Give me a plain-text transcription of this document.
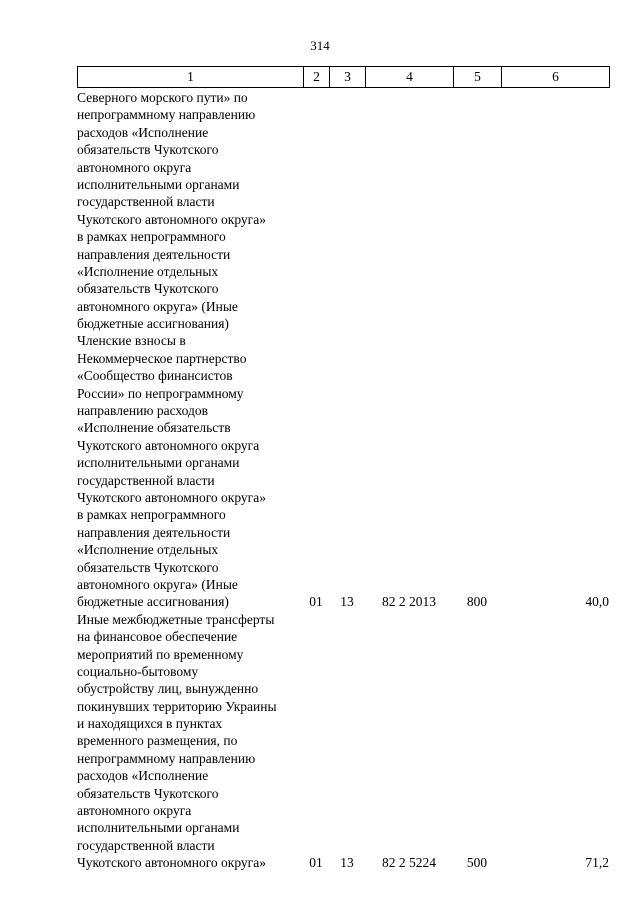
314
1	2	3	4	5	6
Северного морского пути» по
непрограммному направлению
расходов «Исполнение
обязательств Чукотского
автономного округа
исполнительными органами
государственной власти
Чукотского автономного округа»
в рамках непрограммного
направления деятельности
«Исполнение отдельных
обязательств Чукотского
автономного округа» (Иные
бюджетные ассигнования)
Членские взносы в
Некоммерческое партнерство
«Сообщество финансистов
России» по непрограммному
направлению расходов
«Исполнение обязательств
Чукотского автономного округа
исполнительными органами
государственной власти
Чукотского автономного округа»
в рамках непрограммного
направления деятельности
«Исполнение отдельных
обязательств Чукотского
автономного округа» (Иные
бюджетные ассигнования)	01	13	82 2 2013	800	40,0
Иные межбюджетные трансферты
на финансовое обеспечение
мероприятий по временному
социально-бытовому
обустройству лиц, вынужденно
покинувших территорию Украины
и находящихся в пунктах
временного размещения, по
непрограммному направлению
расходов «Исполнение
обязательств Чукотского
автономного округа
исполнительными органами
государственной власти
Чукотского автономного округа»	01	13	82 2 5224	500	71,2
